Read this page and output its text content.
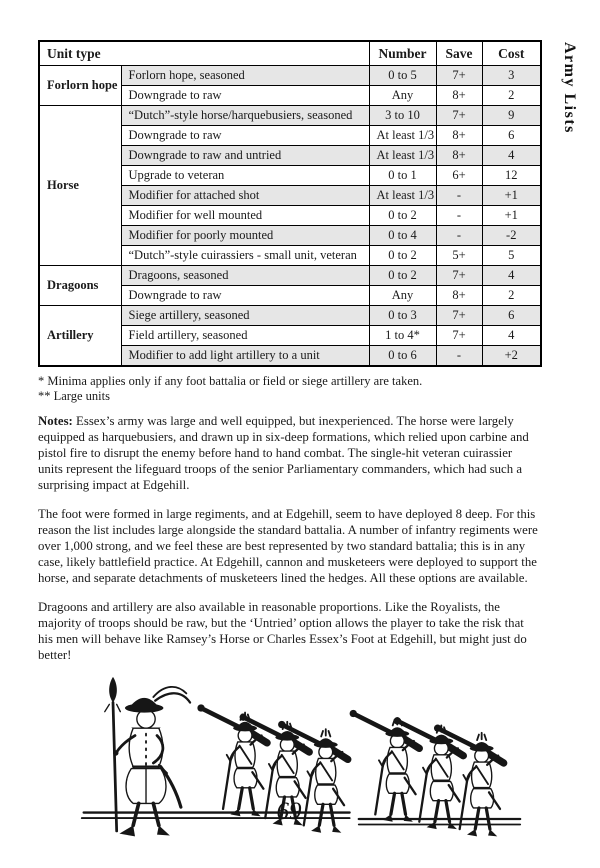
Army Lists
Unit type		Number	Save	Cost
Forlorn hope	Forlorn hope, seasoned	0 to 5	7+	3
	Downgrade to raw	Any	8+	2
Horse	“Dutch”-style horse/harquebusiers, seasoned	3 to 10	7+	9
	Downgrade to raw	At least 1/3	8+	6
	Downgrade to raw and untried	At least 1/3	8+	4
	Upgrade to veteran	0 to 1	6+	12
	Modifier for attached shot	At least 1/3	-	+1
	Modifier for well mounted	0 to 2	-	+1
	Modifier for poorly mounted	0 to 4	-	-2
	“Dutch”-style cuirassiers - small unit, veteran	0 to 2	5+	5
Dragoons	Dragoons, seasoned	0 to 2	7+	4
	Downgrade to raw	Any	8+	2
Artillery	Siege artillery, seasoned	0 to 3	7+	6
	Field artillery, seasoned	1 to 4*	7+	4
	Modifier to add light artillery to a unit	0 to 6	-	+2
* Minima applies only if any foot battalia or field or siege artillery are taken.
** Large units

Notes: Essex’s army was large and well equipped, but inexperienced. The horse were largely equipped as harquebusiers, and drawn up in six-deep formations, which relied upon carbine and pistol fire to disrupt the enemy before hand to hand combat. The single-hit veteran cuirassier units represent the lifeguard troops of the senior Parliamentary commanders, which had such a surprising impact at Edgehill.

The foot were formed in large regiments, and at Edgehill, seem to have deployed 8 deep. For this reason the list includes large alongside the standard battalia. A number of infantry regiments were over 1,000 strong, and we feel these are best represented by two standard battalia; this is in any case, likely battlefield practice. At Edgehill, cannon and musketeers were deployed to support the horse, and separate detachments of musketeers lined the hedges. All these options are available.

Dragoons and artillery are also available in reasonable proportions. Like the Royalists, the majority of troops should be raw, but the ‘Untried’ option allows the player to take the risk that his men will behave like Ramsey’s Horse or Charles Essex’s Foot at Edgehill, but might just do better!

69
